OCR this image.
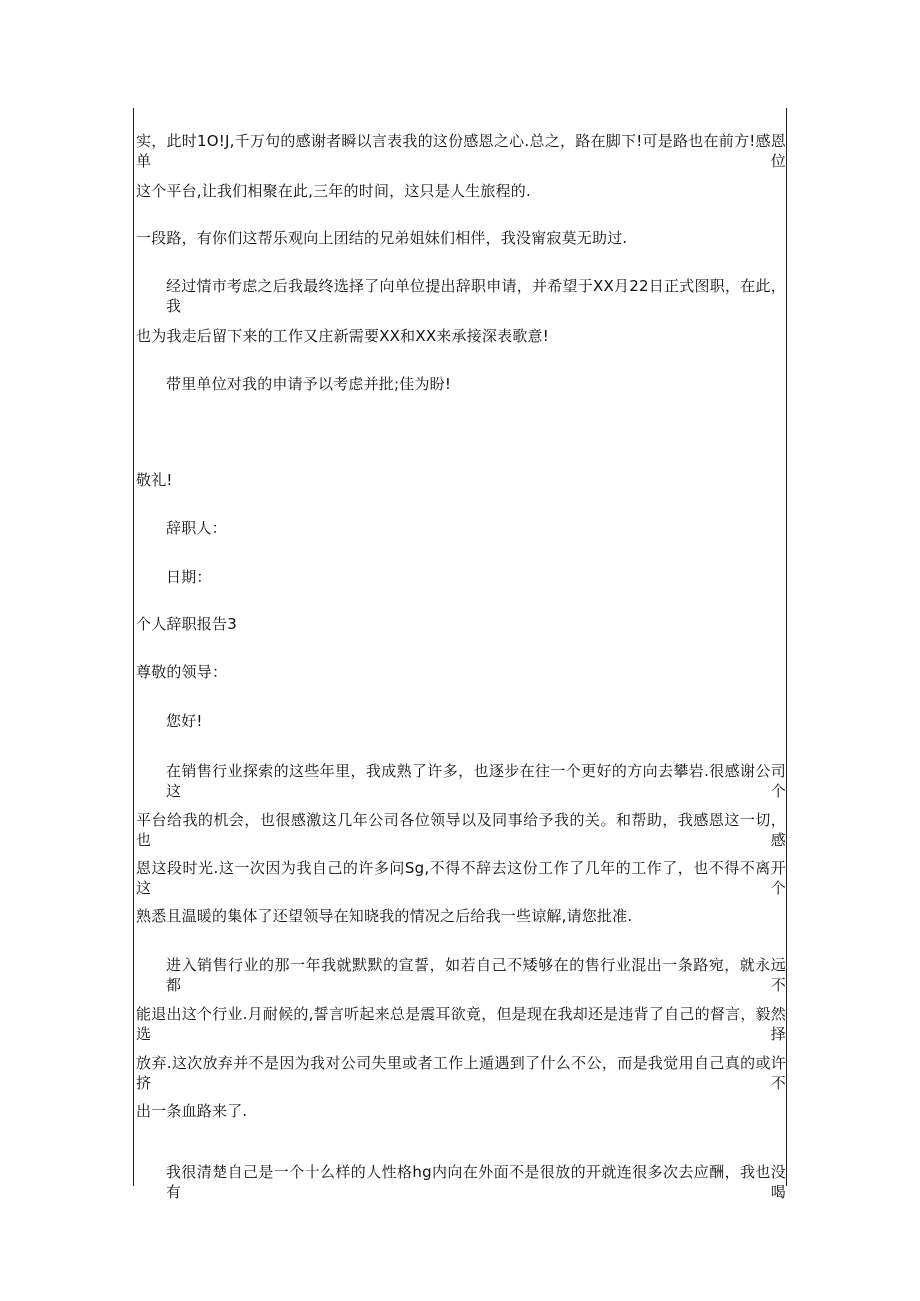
实，此时1O!J,千万句的感谢者瞬以言表我的这份感恩之心.总之，路在脚下!可是路也在前方!感恩单位
这个平台,让我们相聚在此,三年的时间，这只是人生旅程的.
一段路，有你们这帮乐观向上团结的兄弟姐妹们相伴，我没甯寂莫无助过.
经过情市考虑之后我最终选择了向单位提出辞职申请，并希望于XX月22日正式图职，在此，我
也为我走后留下来的工作又庄新需要XX和XX来承接深表歌意!
带里单位对我的申请予以考虑并批;佳为盼!
敬礼!
辞职人：
日期：
个人辞职报告3
尊敬的领导：
您好!
在销售行业探索的这些年里，我成熟了许多，也逐步在往一个更好的方向去攀岩.很感谢公司这个
平台给我的机会，也很感激这几年公司各位领导以及同事给予我的关。和帮助，我感恩这一切，也感
恩这段时光.这一次因为我自己的许多问Sg,不得不辞去这份工作了几年的工作了，也不得不离开这个
熟悉且温暖的集体了还望领导在知晓我的情况之后给我一些谅解,请您批准.
进入销售行业的那一年我就默默的宣誓，如若自己不矮够在的售行业混出一条路宛，就永远都不
能退出这个行业.月耐候的,誓言听起来总是震耳欲竟，但是现在我却还是违背了自己的督言，毅然选择
放弃.这次放弃并不是因为我对公司失里或者工作上遁遇到了什么不公，而是我觉用自己真的或许挤不
出一条血路来了.
我很清楚自己是一个十么样的人性格hg内向在外面不是很放的开就连很多次去应酬，我也没有喝
